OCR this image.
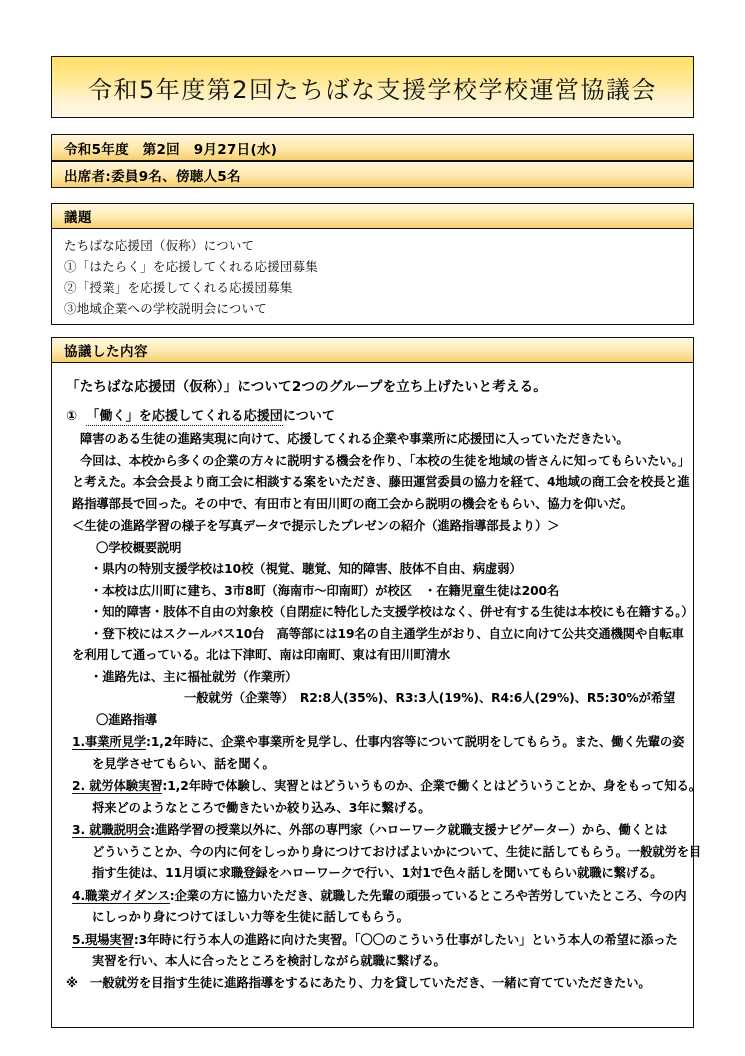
令和5年度第2回たちばな支援学校学校運営協議会
令和5年度　第2回　9月27日(水)
出席者:委員9名、傍聴人5名
議題
たちばな応援団（仮称）について
①「はたらく」を応援してくれる応援団募集
②「授業」を応援してくれる応援団募集
③地域企業への学校説明会について
協議した内容
「たちばな応援団（仮称）」について2つのグループを立ち上げたいと考える。
① 「働く」を応援してくれる応援団について
障害のある生徒の進路実現に向けて、応援してくれる企業や事業所に応援団に入っていただきたい。
今回は、本校から多くの企業の方々に説明する機会を作り、「本校の生徒を地域の皆さんに知ってもらいたい。」
と考えた。本会会長より商工会に相談する案をいただき、藤田運営委員の協力を経て、4地域の商工会を校長と進
路指導部長で回った。その中で、有田市と有田川町の商工会から説明の機会をもらい、協力を仰いだ。
＜生徒の進路学習の様子を写真データで提示したプレゼンの紹介（進路指導部長より）＞
〇学校概要説明
・県内の特別支援学校は10校（視覚、聴覚、知的障害、肢体不自由、病虚弱）
・本校は広川町に建ち、3市8町（海南市～印南町）が校区　・在籍児童生徒は200名
・知的障害・肢体不自由の対象校（自閉症に特化した支援学校はなく、併せ有する生徒は本校にも在籍する。）
・登下校にはスクールバス10台　高等部には19名の自主通学生がおり、自立に向けて公共交通機関や自転車
を利用して通っている。北は下津町、南は印南町、東は有田川町清水
・進路先は、主に福祉就労（作業所）
一般就労（企業等）　R2:8人(35%)、R3:3人(19%)、R4:6人(29%)、R5:30%が希望
〇進路指導
1.事業所見学:1,2年時に、企業や事業所を見学し、仕事内容等について説明をしてもらう。また、働く先輩の姿
を見学させてもらい、話を聞く。
2. 就労体験実習:1,2年時で体験し、実習とはどういうものか、企業で働くとはどういうことか、身をもって知る。
将来どのようなところで働きたいか絞り込み、3年に繋げる。
3. 就職説明会:進路学習の授業以外に、外部の専門家（ハローワーク就職支援ナビゲーター）から、働くとは
どういうことか、今の内に何をしっかり身につけておけばよいかについて、生徒に話してもらう。一般就労を目
指す生徒は、11月頃に求職登録をハローワークで行い、1対1で色々話しを聞いてもらい就職に繋げる。
4.職業ガイダンス:企業の方に協力いただき、就職した先輩の頑張っているところや苦労していたところ、今の内
にしっかり身につけてほしい力等を生徒に話してもらう。
5.現場実習:3年時に行う本人の進路に向けた実習。「〇〇のこういう仕事がしたい」という本人の希望に添った
実習を行い、本人に合ったところを検討しながら就職に繋げる。
※　一般就労を目指す生徒に進路指導をするにあたり、力を貸していただき、一緒に育てていただきたい。
